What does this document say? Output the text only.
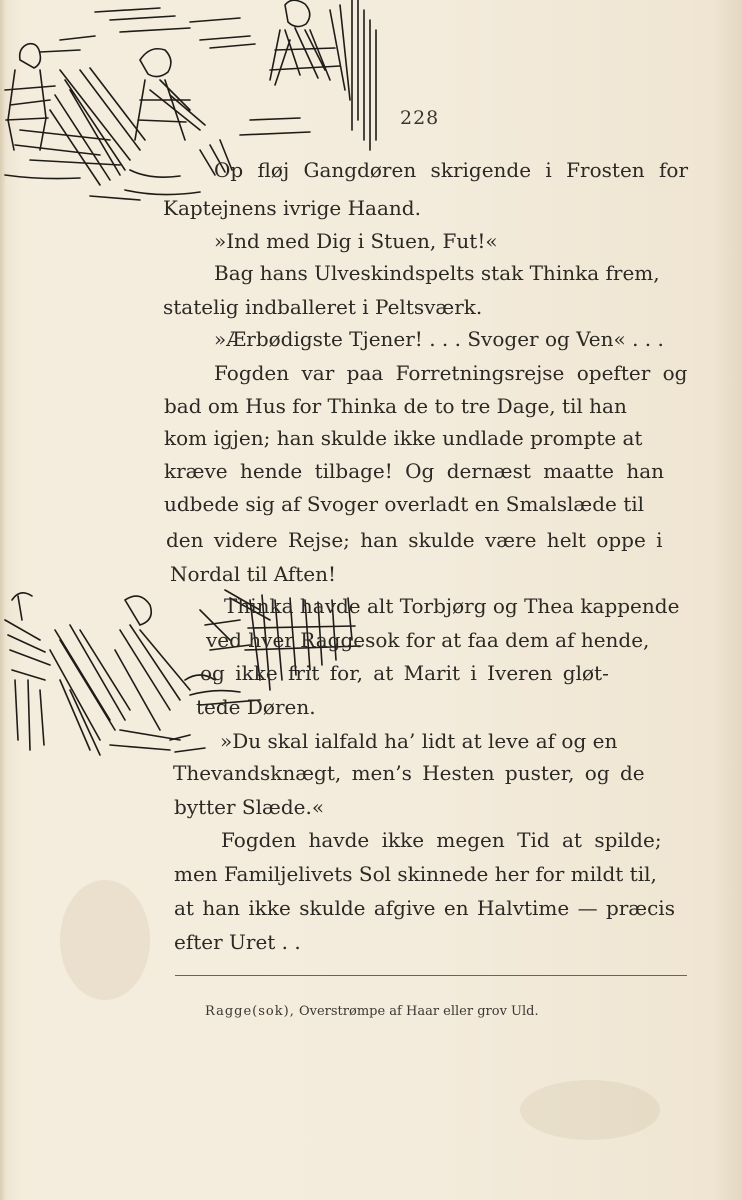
228
Op fløj Gangdøren skrigende i Frosten for
Kaptejnens ivrige Haand.
»Ind med Dig i Stuen, Fut!«
Bag hans Ulveskindspelts stak Thinka frem,
statelig indballeret i Peltsværk.
»Ærbødigste Tjener! . . . Svoger og Ven« . . .
Fogden var paa Forretningsrejse opefter og
bad om Hus for Thinka de to tre Dage, til han
kom igjen; han skulde ikke undlade prompte at
kræve hende tilbage! Og dernæst maatte han
udbede sig af Svoger overladt en Smalslæde til
den videre Rejse; han skulde være helt oppe i
Nordal til Aften!
Thinka havde alt Torbjørg og Thea kappende
ved hver Raggesok for at faa dem af hende,
og ikke frit for, at Marit i Iveren gløt-
tede Døren.
»Du skal ialfald ha’ lidt at leve af og en
Thevandsknægt, men’s Hesten puster, og de
bytter Slæde.«
Fogden havde ikke megen Tid at spilde;
men Familjelivets Sol skinnede her for mildt til,
at han ikke skulde afgive en Halvtime — præcis
efter Uret . .
Ragge(sok), Overstrømpe af Haar eller grov Uld.
